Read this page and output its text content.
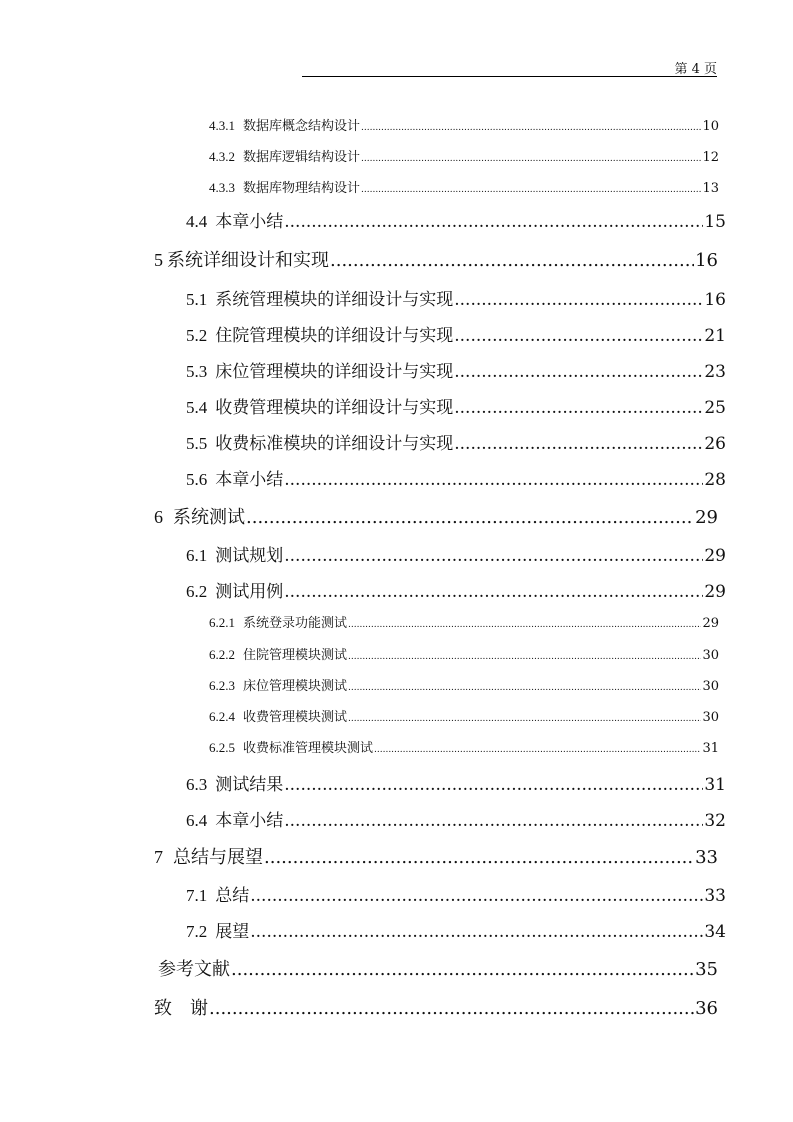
第 4 页
4.3.1 数据库概念结构设计 .....	10
4.3.2 数据库逻辑结构设计 .....	12
4.3.3 数据库物理结构设计 .....	13
4.4 本章小结 .....	15
5 系统详细设计和实现 .....	16
5.1 系统管理模块的详细设计与实现 .....	16
5.2 住院管理模块的详细设计与实现 .....	21
5.3 床位管理模块的详细设计与实现 .....	23
5.4 收费管理模块的详细设计与实现 .....	25
5.5 收费标准模块的详细设计与实现 .....	26
5.6 本章小结 .....	28
6 系统测试 .....	29
6.1 测试规划 .....	29
6.2 测试用例 .....	29
6.2.1 系统登录功能测试 .....	29
6.2.2 住院管理模块测试 .....	30
6.2.3 床位管理模块测试 .....	30
6.2.4 收费管理模块测试 .....	30
6.2.5 收费标准管理模块测试 .....	31
6.3 测试结果 .....	31
6.4 本章小结 .....	32
7 总结与展望 .....	33
7.1 总结 .....	33
7.2 展望 .....	34
参考文献 .....	35
致　谢 .....	36
